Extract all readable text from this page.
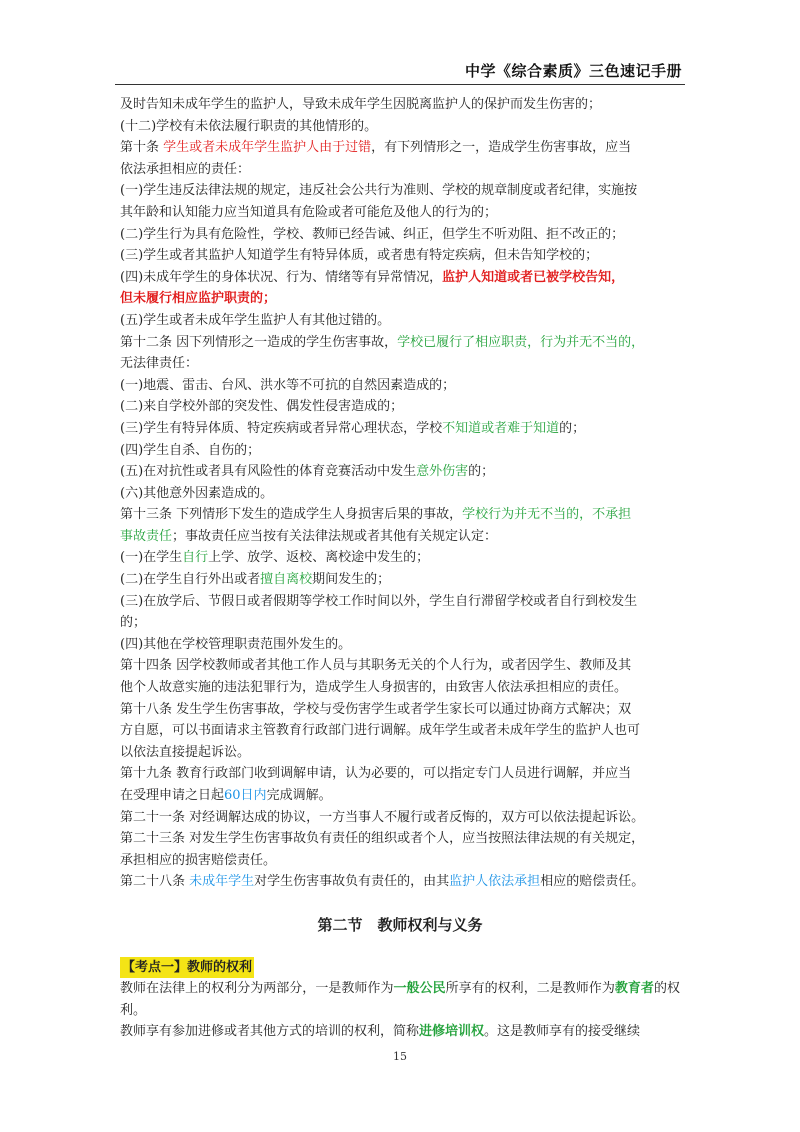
中学《综合素质》三色速记手册
及时告知未成年学生的监护人，导致未成年学生因脱离监护人的保护而发生伤害的；
(十二)学校有未依法履行职责的其他情形的。
第十条 学生或者未成年学生监护人由于过错，有下列情形之一，造成学生伤害事故，应当
依法承担相应的责任：
(一)学生违反法律法规的规定，违反社会公共行为准则、学校的规章制度或者纪律，实施按
其年龄和认知能力应当知道具有危险或者可能危及他人的行为的；
(二)学生行为具有危险性，学校、教师已经告诫、纠正，但学生不听劝阻、拒不改正的；
(三)学生或者其监护人知道学生有特异体质，或者患有特定疾病，但未告知学校的；
(四)未成年学生的身体状况、行为、情绪等有异常情况，监护人知道或者已被学校告知，
但未履行相应监护职责的；
(五)学生或者未成年学生监护人有其他过错的。
第十二条 因下列情形之一造成的学生伤害事故，学校已履行了相应职责，行为并无不当的，
无法律责任：
(一)地震、雷击、台风、洪水等不可抗的自然因素造成的；
(二)来自学校外部的突发性、偶发性侵害造成的；
(三)学生有特异体质、特定疾病或者异常心理状态，学校不知道或者难于知道的；
(四)学生自杀、自伤的；
(五)在对抗性或者具有风险性的体育竞赛活动中发生意外伤害的；
(六)其他意外因素造成的。
第十三条 下列情形下发生的造成学生人身损害后果的事故，学校行为并无不当的，不承担
事故责任；事故责任应当按有关法律法规或者其他有关规定认定：
(一)在学生自行上学、放学、返校、离校途中发生的；
(二)在学生自行外出或者擅自离校期间发生的；
(三)在放学后、节假日或者假期等学校工作时间以外，学生自行滞留学校或者自行到校发生
的；
(四)其他在学校管理职责范围外发生的。
第十四条 因学校教师或者其他工作人员与其职务无关的个人行为，或者因学生、教师及其
他个人故意实施的违法犯罪行为，造成学生人身损害的，由致害人依法承担相应的责任。
第十八条 发生学生伤害事故，学校与受伤害学生或者学生家长可以通过协商方式解决；双
方自愿，可以书面请求主管教育行政部门进行调解。成年学生或者未成年学生的监护人也可
以依法直接提起诉讼。
第十九条 教育行政部门收到调解申请，认为必要的，可以指定专门人员进行调解，并应当
在受理申请之日起60日内完成调解。
第二十一条 对经调解达成的协议，一方当事人不履行或者反悔的，双方可以依法提起诉讼。
第二十三条 对发生学生伤害事故负有责任的组织或者个人，应当按照法律法规的有关规定，
承担相应的损害赔偿责任。
第二十八条 未成年学生对学生伤害事故负有责任的，由其监护人依法承担相应的赔偿责任。
第二节　教师权利与义务
【考点一】教师的权利
教师在法律上的权利分为两部分，一是教师作为一般公民所享有的权利，二是教师作为教育者的权利。
教师享有参加进修或者其他方式的培训的权利，简称进修培训权。这是教师享有的接受继续
15
